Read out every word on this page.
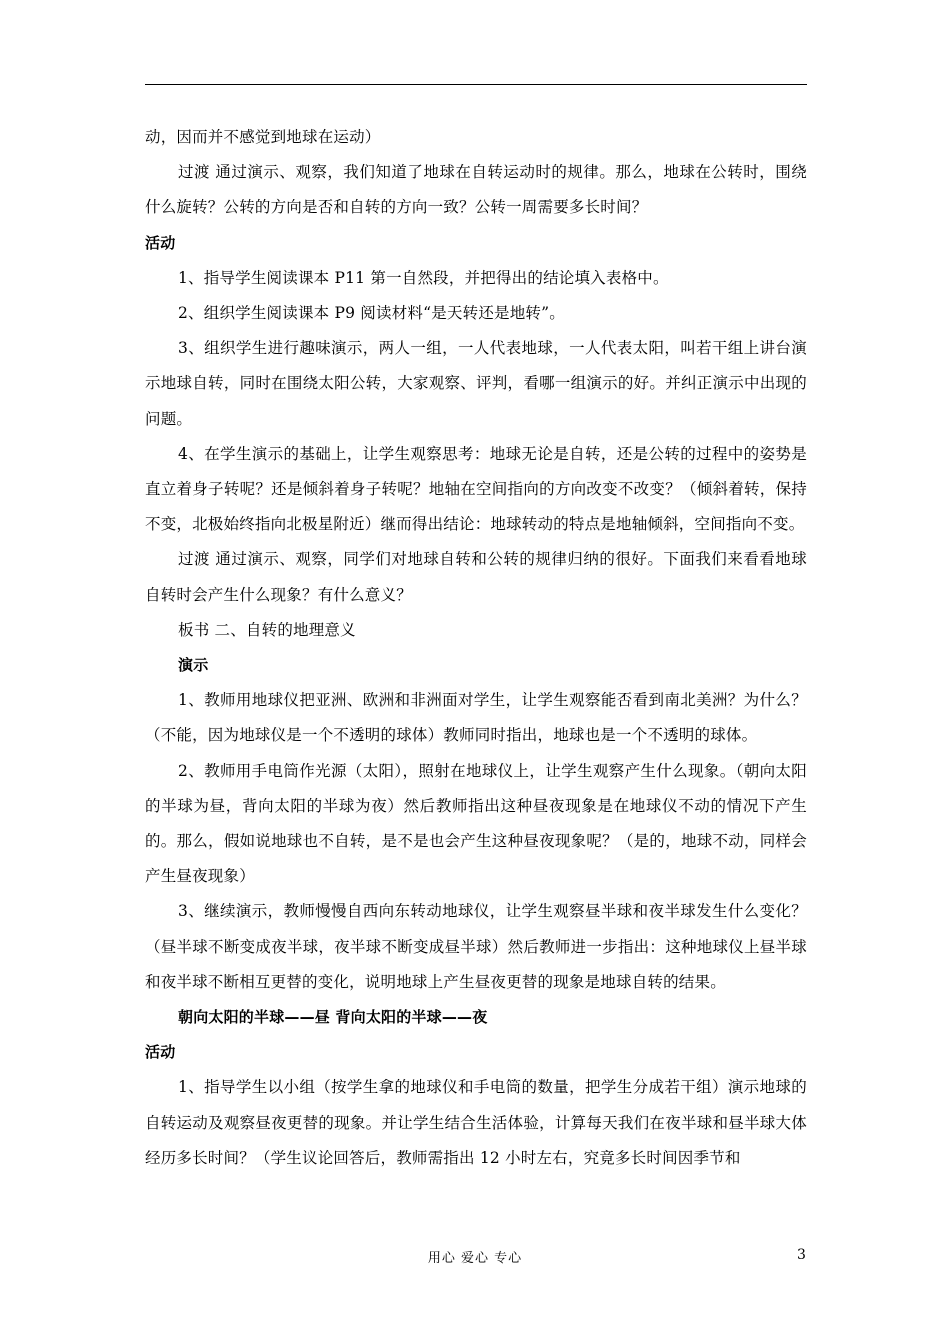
动，因而并不感觉到地球在运动）

过渡 通过演示、观察，我们知道了地球在自转运动时的规律。那么，地球在公转时，围绕什么旋转？公转的方向是否和自转的方向一致？公转一周需要多长时间？

活动

1、指导学生阅读课本 P11 第一自然段，并把得出的结论填入表格中。

2、组织学生阅读课本 P9 阅读材料“是天转还是地转”。

3、组织学生进行趣味演示，两人一组，一人代表地球，一人代表太阳，叫若干组上讲台演示地球自转，同时在围绕太阳公转，大家观察、评判，看哪一组演示的好。并纠正演示中出现的问题。

4、在学生演示的基础上，让学生观察思考：地球无论是自转，还是公转的过程中的姿势是直立着身子转呢？还是倾斜着身子转呢？地轴在空间指向的方向改变不改变？（倾斜着转，保持不变，北极始终指向北极星附近）继而得出结论：地球转动的特点是地轴倾斜，空间指向不变。

过渡 通过演示、观察，同学们对地球自转和公转的规律归纳的很好。下面我们来看看地球自转时会产生什么现象？有什么意义？

板书 二、自转的地理意义

演示

1、教师用地球仪把亚洲、欧洲和非洲面对学生，让学生观察能否看到南北美洲？为什么？（不能，因为地球仪是一个不透明的球体）教师同时指出，地球也是一个不透明的球体。

2、教师用手电筒作光源（太阳），照射在地球仪上，让学生观察产生什么现象。（朝向太阳的半球为昼，背向太阳的半球为夜）然后教师指出这种昼夜现象是在地球仪不动的情况下产生的。那么，假如说地球也不自转，是不是也会产生这种昼夜现象呢？（是的，地球不动，同样会产生昼夜现象）

3、继续演示，教师慢慢自西向东转动地球仪，让学生观察昼半球和夜半球发生什么变化？（昼半球不断变成夜半球，夜半球不断变成昼半球）然后教师进一步指出：这种地球仪上昼半球和夜半球不断相互更替的变化，说明地球上产生昼夜更替的现象是地球自转的结果。

朝向太阳的半球——昼 背向太阳的半球——夜

活动

1、指导学生以小组（按学生拿的地球仪和手电筒的数量，把学生分成若干组）演示地球的自转运动及观察昼夜更替的现象。并让学生结合生活体验，计算每天我们在夜半球和昼半球大体经历多长时间？（学生议论回答后，教师需指出 12 小时左右，究竟多长时间因季节和

用心 爱心 专心	3
